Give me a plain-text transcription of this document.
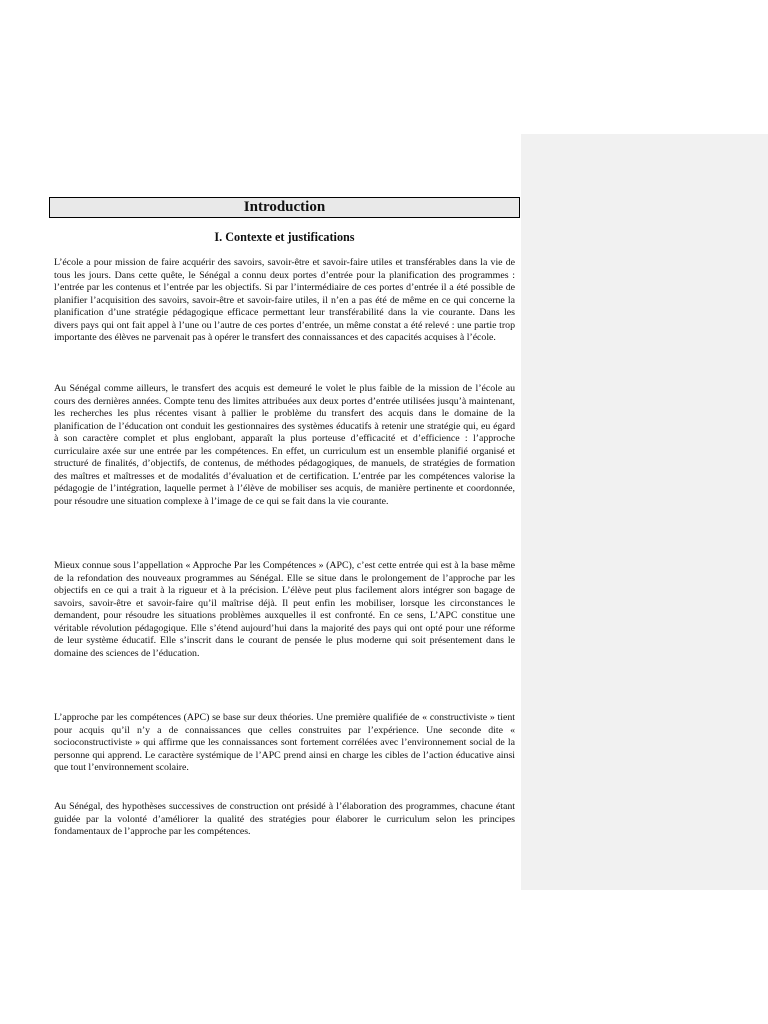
Introduction
I. Contexte et justifications

L’école a pour mission de faire acquérir des savoirs, savoir-être et savoir-faire utiles et transférables dans la vie de tous les jours. Dans cette quête, le Sénégal a connu deux portes d’entrée pour la planification des programmes : l’entrée par les contenus et l’entrée par les objectifs. Si par l’intermédiaire de ces portes d’entrée il a été possible de planifier l’acquisition des savoirs, savoir-être et savoir-faire utiles, il n’en a pas été de même en ce qui concerne la planification d’une stratégie pédagogique efficace permettant leur transférabilité dans la vie courante. Dans les divers pays qui ont fait appel à l’une ou l’autre de ces portes d’entrée, un même constat a été relevé : une partie trop importante des élèves ne parvenait pas à opérer le transfert des connaissances et des capacités acquises à l’école.

Au Sénégal comme ailleurs, le transfert des acquis est demeuré le volet le plus faible de la mission de l’école au cours des dernières années. Compte tenu des limites attribuées aux deux portes d’entrée utilisées jusqu’à maintenant, les recherches les plus récentes visant à pallier le problème du transfert des acquis dans le domaine de la planification de l’éducation ont conduit les gestionnaires des systèmes éducatifs à retenir une stratégie qui, eu égard à son caractère complet et plus englobant, apparaît la plus porteuse d’efficacité et d’efficience : l’approche curriculaire axée sur une entrée par les compétences. En effet, un curriculum est un ensemble planifié organisé et structuré de finalités, d’objectifs, de contenus, de méthodes pédagogiques, de manuels, de stratégies de formation des maîtres et maîtresses et de modalités d’évaluation et de certification. L’entrée par les compétences valorise la pédagogie de l’intégration, laquelle permet à l’élève de mobiliser ses acquis, de manière pertinente et coordonnée, pour résoudre une situation complexe à l’image de ce qui se fait dans la vie courante.

Mieux connue sous l’appellation « Approche Par les Compétences » (APC), c’est cette entrée qui est à la base même de la refondation des nouveaux programmes au Sénégal. Elle se situe dans le prolongement de l’approche par les objectifs en ce qui a trait à la rigueur et à la précision. L’élève peut plus facilement alors intégrer son bagage de savoirs, savoir-être et savoir-faire qu’il maîtrise déjà. Il peut enfin les mobiliser, lorsque les circonstances le demandent, pour résoudre les situations problèmes auxquelles il est confronté. En ce sens, L’APC constitue une véritable révolution pédagogique. Elle s’étend aujourd’hui dans la majorité des pays qui ont opté pour une réforme de leur système éducatif. Elle s’inscrit dans le courant de pensée le plus moderne qui soit présentement dans le domaine des sciences de l’éducation.

L’approche par les compétences (APC) se base sur deux théories. Une première qualifiée de « constructiviste » tient pour acquis qu’il n’y a de connaissances que celles construites par l’expérience. Une seconde dite « socioconstructiviste » qui affirme que les connaissances sont fortement corrélées avec l’environnement social de la personne qui apprend. Le caractère systémique de l’APC prend ainsi en charge les cibles de l’action éducative ainsi que tout l’environnement scolaire.

Au Sénégal, des hypothèses successives de construction ont présidé à l’élaboration des programmes, chacune étant guidée par la volonté d’améliorer la qualité des stratégies pour élaborer le curriculum selon les principes fondamentaux de l’approche par les compétences.
